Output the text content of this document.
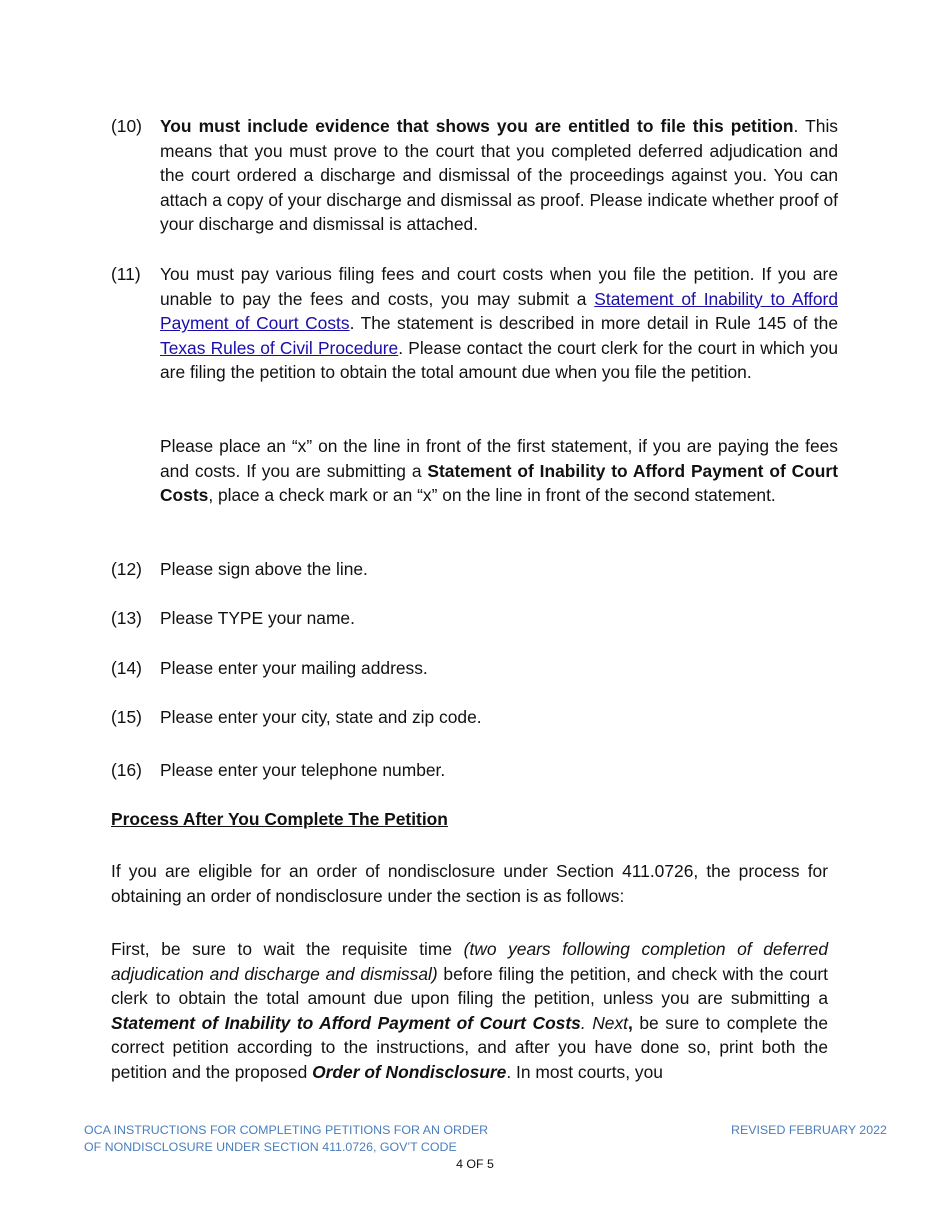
(10)	You must include evidence that shows you are entitled to file this petition. This means that you must prove to the court that you completed deferred adjudication and the court ordered a discharge and dismissal of the proceedings against you. You can attach a copy of your discharge and dismissal as proof. Please indicate whether proof of your discharge and dismissal is attached.
(11)	You must pay various filing fees and court costs when you file the petition. If you are unable to pay the fees and costs, you may submit a Statement of Inability to Afford Payment of Court Costs. The statement is described in more detail in Rule 145 of the Texas Rules of Civil Procedure. Please contact the court clerk for the court in which you are filing the petition to obtain the total amount due when you file the petition.
Please place an “x” on the line in front of the first statement, if you are paying the fees and costs. If you are submitting a Statement of Inability to Afford Payment of Court Costs, place a check mark or an “x” on the line in front of the second statement.
(12)	Please sign above the line.
(13)	Please TYPE your name.
(14)	Please enter your mailing address.
(15)	Please enter your city, state and zip code.
(16)	Please enter your telephone number.
Process After You Complete The Petition
If you are eligible for an order of nondisclosure under Section 411.0726, the process for obtaining an order of nondisclosure under the section is as follows:
First, be sure to wait the requisite time (two years following completion of deferred adjudication and discharge and dismissal) before filing the petition, and check with the court clerk to obtain the total amount due upon filing the petition, unless you are submitting a Statement of Inability to Afford Payment of Court Costs. Next, be sure to complete the correct petition according to the instructions, and after you have done so, print both the petition and the proposed Order of Nondisclosure. In most courts, you
OCA INSTRUCTIONS FOR COMPLETING PETITIONS FOR AN ORDER
OF NONDISCLOSURE UNDER SECTION 411.0726, GOV’T CODE
REVISED FEBRUARY 2022
4 OF 5
